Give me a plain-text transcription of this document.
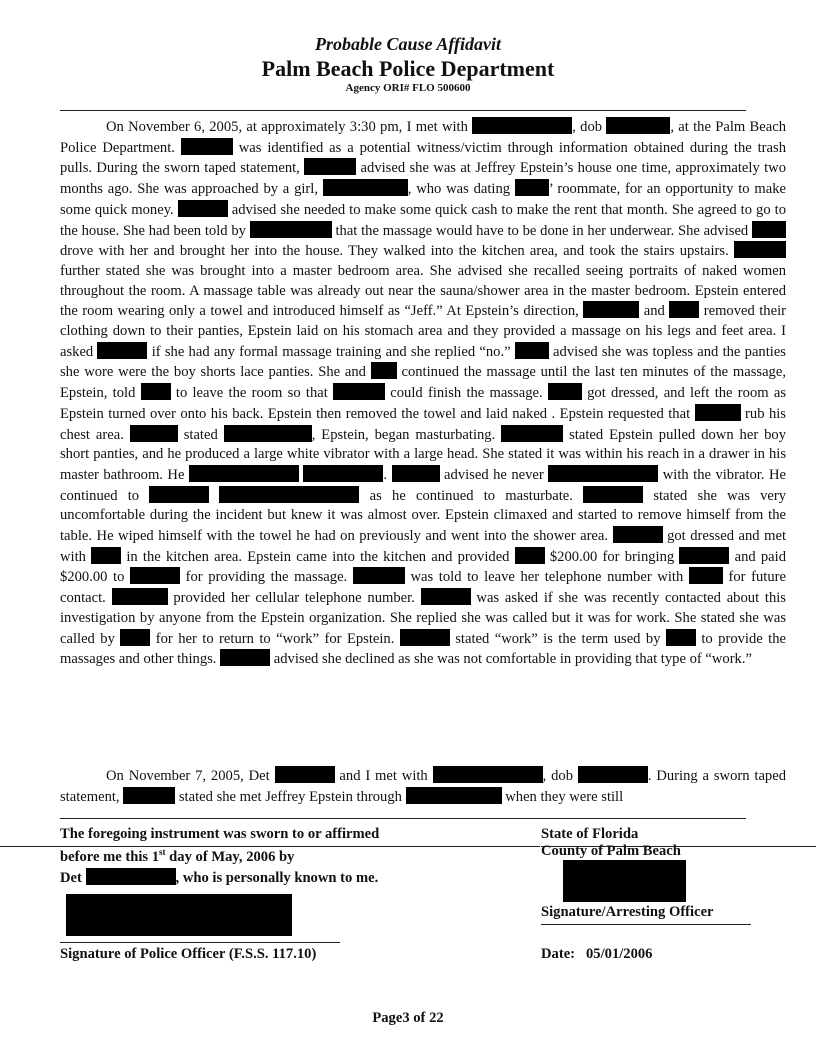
Probable Cause Affidavit
Palm Beach Police Department
Agency ORI# FLO 500600

On November 6, 2005, at approximately 3:30 pm, I met with	, dob	, at the Palm Beach Police Department.	was identified as a potential witness/victim through information obtained during the trash pulls. During the sworn taped statement,	advised she was at Jeffrey Epstein’s house one time, approximately two months ago. She was approached by a girl,	, who was dating ’ roommate, for an opportunity to make some quick money.	advised she needed to make some quick cash to make the rent that month. She agreed to go to the house. She had been told by	that the massage would have to be done in her underwear. She advised  drove with her and brought her into the house. They walked into the kitchen area, and took the stairs upstairs.  further stated she was brought into a master bedroom area. She advised she recalled seeing portraits of naked women throughout the room. A massage table was already out near the sauna/shower area in the master bedroom. Epstein entered the room wearing only a towel and introduced himself as “Jeff.” At Epstein’s direction,	and  removed their clothing down to their panties, Epstein laid on his stomach area and they provided a massage on his legs and feet area. I asked	if she had any formal massage training and she replied “no.”  advised she was topless and the panties she wore were the boy shorts lace panties. She and  continued the massage until the last ten minutes of the massage, Epstein, told  to leave the room so that	could finish the massage.  got dressed, and left the room as Epstein turned over onto his back. Epstein then removed the towel and laid naked . Epstein requested that	rub his chest area.	stated	, Epstein, began masturbating.	stated Epstein pulled down her boy short panties, and he produced a large white vibrator with a large head. She stated it was within his reach in a drawer in his master bathroom. He	.	advised he never	with the vibrator. He continued to	as he continued to masturbate.	stated she was very uncomfortable during the incident but knew it was almost over. Epstein climaxed and started to remove himself from the table. He wiped himself with the towel he had on previously and went into the shower area.	got dressed and met with  in the kitchen area. Epstein came into the kitchen and provided  $200.00 for bringing	and paid $200.00 to	for providing the massage.	was told to leave her telephone number with  for future contact.	provided her cellular telephone number.	was asked if she was recently contacted about this investigation by anyone from the Epstein organization. She replied she was called but it was for work. She stated she was called by  for her to return to “work” for Epstein.	stated “work” is the term used by  to provide the massages and other things.	advised she declined as she was not comfortable in providing that type of “work.”

On November 7, 2005, Det	and I met with	, dob	. During a sworn taped statement,	stated she met Jeffrey Epstein through	when they were still

The foregoing instrument was sworn to or affirmed
before me this 1st day of May, 2006 by
Det	, who is personally known to me.
Signature of Police Officer (F.S.S. 117.10)
State of Florida
County of Palm Beach
Signature/Arresting Officer
Date: 05/01/2006
Page3 of 22
